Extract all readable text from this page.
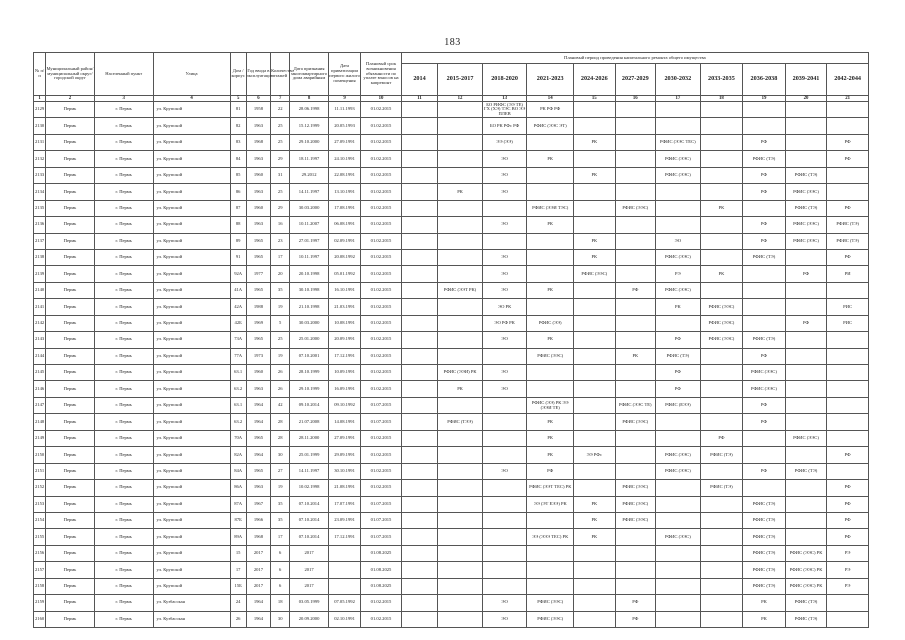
183
№ п/п	Муниципальный район/муниципальный округ/городской округ	Населенный пункт	Улица	Дом / корпус	Год ввода в эксплуатацию	Количество этажей	Дата признания многоквартирного дома аварийным	Дата приватизации первого жилого помещения	Плановый срок возникновения обязанности по уплате взносов на капремонт	Плановый период проведения капитального ремонта общего имущества										
										2014	2015-2017	2018-2020	2021-2023	2024-2026	2027-2029	2030-2032	2033-2035	2036-2038	2039-2041	2042-2044
1	2	3	4	5	6	7	8	9	10	11	12	13	14	15	16	17	18	19	20	21
2129	Пермь	г. Пермь	ул. Крупской	81	1958	22	28.06.1998	11.11.1993	01.02.2015			БО РИФС (ЭЭ ТЕ) ГХ (ХЭ) ТЭС ВО ЭЭ ПЛЕВ	РК РФ РФ							
2130	Пермь	г. Пермь	ул. Крупской	82	1963	25	15.12.1999	20.05.1993	01.02.2015			БО РК РФс РФ	РФИС (ЭЭС ЭТ)							
2131	Пермь	г. Пермь	ул. Крупской	83	1968	25	29.10.2000	27.09.1991	01.02.2015			ЭЭ (ЭЭ)		РК		РФИС (ЭЭС ТЕС)		РФ		РФ
2132	Пермь	г. Пермь	ул. Крупской	84	1963	29	18.11.1997	24.10.1991	01.02.2015			ЭО	РК			РФИС (ЭЭС)		РФИС (ТЭ)		РФ
2133	Пермь	г. Пермь	ул. Крупской	85	1960	31	29.2012	22.08.1991	01.02.2015			ЭО		РК		РФИС (ЭЭС)		РФ	РФИС (ТЭ)	
2134	Пермь	г. Пермь	ул. Крупской	86	1963	25	14.11.1997	13.10.1991	01.02.2015		РК	ЭО						РФ	РФИС (ЭЭС)	
2135	Пермь	г. Пермь	ул. Крупской	87	1960	29	30.03.2000	17.08.1991	01.02.2015				РФИС (ЭЭИ ТЭС)		РФИС (ЭЭС)		РК		РФИС (ТЭ)	РФ
2136	Пермь	г. Пермь	ул. Крупской	88	1963	16	10.11.2007	06.08.1991	01.02.2015			ЭО	РК					РФ	РФИС (ЭЭС)	РФИС (ТЭ)
2137	Пермь	г. Пермь	ул. Крупской	89	1965	23	27.01.1997	02.09.1991	01.02.2015					РК		ЭО		РФ	РФИС (ЭЭС)	РФИС (ТЭ)
2138	Пермь	г. Пермь	ул. Крупской	91	1965	17	10.11.1997	20.08.1992	01.02.2015			ЭО		РК		РФИС (ЭЭС)		РФИС (ТЭ)		РФ
2139	Пермь	г. Пермь	ул. Крупской	92А	1977	20	20.10.1998	05.01.1992	01.02.2015			ЭО		РФИС (ЭЭС)		РЭ	РК		РФ	РИ
2140	Пермь	г. Пермь	ул. Крупской	41А	1965	35	30.10.1998	16.10.1991	01.02.2015		РФИС (ЭЭТ РК)	ЭО	РК		РФ	РФИС (ЭЭС)				
2141	Пермь	г. Пермь	ул. Крупской	42А	1988	19	21.10.1998	21.03.1991	01.02.2015			ЭО РК				РК	РФИС (ЭЭС)			РИС
2142	Пермь	г. Пермь	ул. Крупской	42Б	1969	5	30.03.2000	10.08.1991	01.02.2015			ЭО РФ РК	РФИС (ЭЭ)				РФИС (ЭЭС)		РФ	РИС
2143	Пермь	г. Пермь	ул. Крупской	73А	1965	25	25.01.2000	20.09.1991	01.02.2015			ЭО	РК			РФ	РФИС (ЭЭС)	РФИС (ТЭ)		
2144	Пермь	г. Пермь	ул. Крупской	77А	1973	19	07.10.2001	17.12.1991	01.02.2015				РФИС (ЭЭС)		РК	РФИС (ТЭ)		РФ		
2145	Пермь	г. Пермь	ул. Крупской	63.1	1960	26	28.10.1999	10.09.1991	01.02.2015		РФИС (ЭЭИ) РК	ЭО				РФ		РФИС (ЭЭС)		
2146	Пермь	г. Пермь	ул. Крупской	63.2	1963	26	29.10.1999	16.09.1991	01.02.2015		РК	ЭО				РФ		РФИС (ЭЭС)		
2147	Пермь	г. Пермь	ул. Крупской	63.1	1964	42	09.10.2014	09.10.1992	01.07.2015				РФИС (ЭЭ) РК ЭЭ (ЭЭИ ТЕ)		РФИС (ЭЭС ТЕ)	РФИС (ЕЭЭ)		РФ		
2148	Пермь	г. Пермь	ул. Крупской	63.2	1964	28	21.07.2008	14.08.1991	01.07.2015		РФИС (ТЭЭ)		РК		РФИС (ЭЭС)			РФ		
2149	Пермь	г. Пермь	ул. Крупской	70А	1965	28	28.11.2000	27.09.1991	01.02.2015				РК				РФ		РФИС (ЭЭС)	
2150	Пермь	г. Пермь	ул. Крупской	82А	1964	30	25.01.1999	29.09.1991	01.02.2015				РК	ЭЭ РФс		РФИС (ЭЭС)	РФИС (ТЭ)			РФ
2151	Пермь	г. Пермь	ул. Крупской	84А	1965	27	14.11.1997	30.10.1991	01.02.2015			ЭО	РФ			РФИС (ЭЭС)		РФ	РФИС (ТЭ)	
2152	Пермь	г. Пермь	ул. Крупской	86А	1963	19	10.02.1998	21.08.1991	01.02.2015				РФИС (ЭЭТ ТЕС) РК		РФИС (ЭЭС)		РФИС (ТЭ)			РФ
2153	Пермь	г. Пермь	ул. Крупской	87А	1967	35	07.10.2014	17.07.1991	01.07.2015				ЭЭ (ЭТ ЕЭЭ) РК	РК	РФИС (ЭЭС)			РФИС (ТЭ)		РФ
2154	Пермь	г. Пермь	ул. Крупской	87Б	1966	35	07.10.2014	23.09.1991	01.07.2015					РК	РФИС (ЭЭС)			РФИС (ТЭ)		РФ
2155	Пермь	г. Пермь	ул. Крупской	89А	1968	17	07.10.2014	17.12.1991	01.07.2015				ЭЭ (ЭЭЭ ТЕС) РК	РК		РФИС (ЭЭС)		РФИС (ТЭ)		РФ
2156	Пермь	г. Пермь	ул. Крупской	15	2017	6	2017		01.08.2025									РФИС (ТЭ)	РФИС (ЭЭС) РК	РЭ
2157	Пермь	г. Пермь	ул. Крупской	17	2017	6	2017		01.08.2025									РФИС (ТЭ)	РФИС (ЭЭС) РК	РЭ
2158	Пермь	г. Пермь	ул. Крупской	15Б	2017	6	2017		01.08.2025									РФИС (ТЭ)	РФИС (ЭЭС) РК	РЭ
2159	Пермь	г. Пермь	ул. Кузбасская	24	1964	18	03.05.1999	07.05.1992	01.02.2015			ЭО	РФИС (ЭЭС)		РФ			РК	РФИС (ТЭ)	
2160	Пермь	г. Пермь	ул. Кузбасская	26	1964	30	20.09.2000	02.10.1991	01.02.2015			ЭО	РФИС (ЭЭС)		РФ			РК	РФИС (ТЭ)	
